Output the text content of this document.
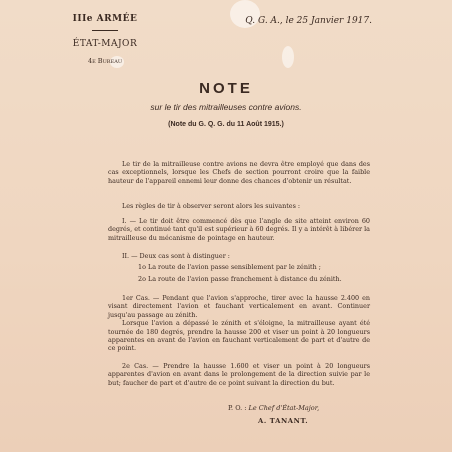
IIIe ARMÉE
ÉTAT-MAJOR
4e Bureau
Q. G. A., le 25 Janvier 1917.
NOTE
sur le tir des mitrailleuses contre avions.
(Note du G. Q. G. du 11 Août 1915.)

Le tir de la mitrailleuse contre avions ne devra être employé que dans des cas exceptionnels, lorsque les Chefs de section pourront croire que la faible hauteur de l'appareil ennemi leur donne des chances d'obtenir un résultat.

Les règles de tir à observer seront alors les suivantes :

I. — Le tir doit être commencé dès que l'angle de site atteint environ 60 degrés, et continué tant qu'il est supérieur à 60 degrés. Il y a intérêt à libérer la mitrailleuse du mécanisme de pointage en hauteur.

II. — Deux cas sont à distinguer :

1o La route de l'avion passe sensiblement par le zénith ;

2o La route de l'avion passe franchement à distance du zénith.

1er Cas. — Pendant que l'avion s'approche, tirer avec la hausse 2.400 en visant directement l'avion et fauchant verticalement en avant. Continuer jusqu'au passage au zénith.

Lorsque l'avion a dépassé le zénith et s'éloigne, la mitrailleuse ayant été tournée de 180 degrés, prendre la hausse 200 et viser un point à 20 longueurs apparentes en avant de l'avion en fauchant verticalement de part et d'autre de ce point.

2e Cas. — Prendre la hausse 1.600 et viser un point à 20 longueurs apparentes d'avion en avant dans le prolongement de la direction suivie par le but; faucher de part et d'autre de ce point suivant la direction du but.

P. O. : Le Chef d'État-Major,
A. TANANT.
